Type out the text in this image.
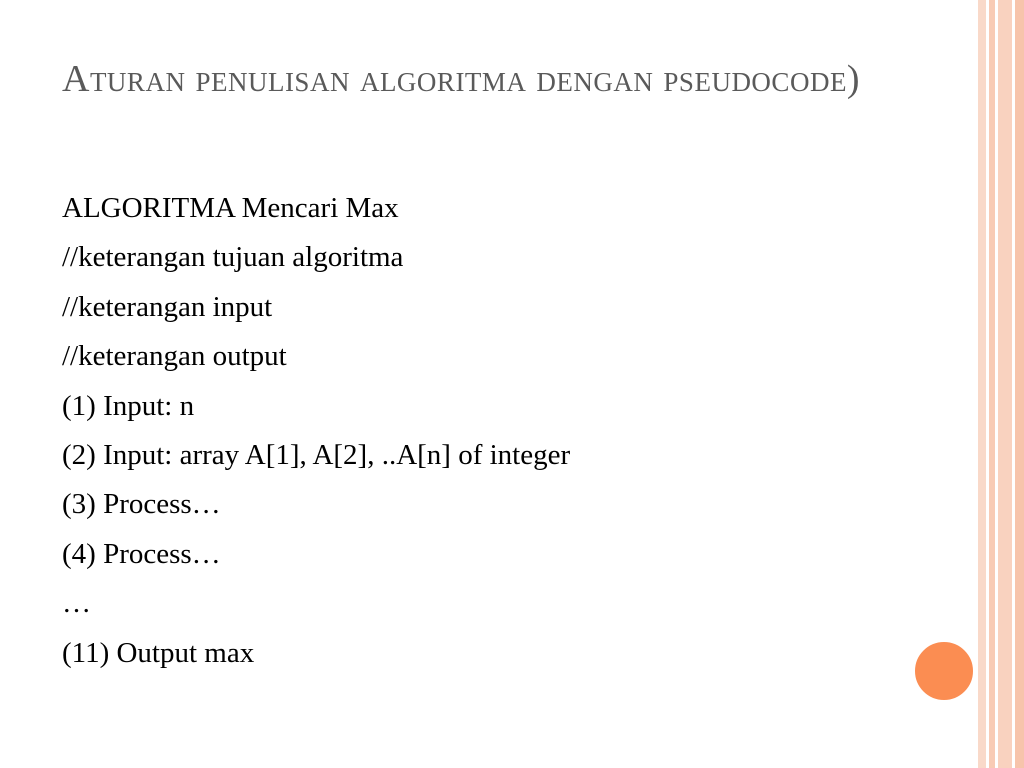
Aturan penulisan algoritma dengan pseudocode)
ALGORITMA Mencari Max
//keterangan tujuan algoritma
//keterangan input
//keterangan output
(1) Input: n
(2) Input: array A[1], A[2], ..A[n] of integer
(3) Process…
(4) Process…
…
(11) Output max
